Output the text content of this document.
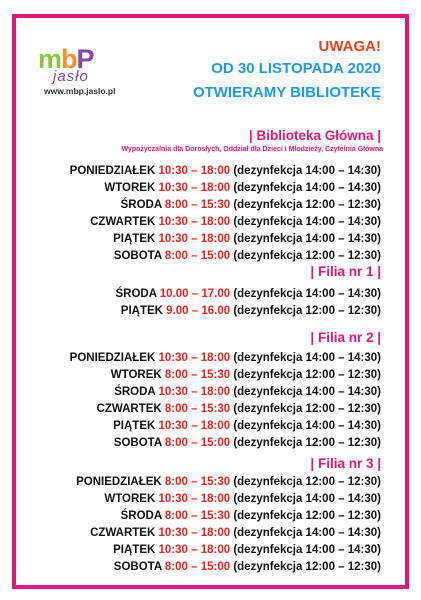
mbP
jasło
www.mbp.jaslo.pl
UWAGA!
OD 30 LISTOPADA 2020
OTWIERAMY BIBLIOTEKĘ
| Biblioteka Główna |
Wypożyczalnia dla Dorosłych, Oddział dla Dzieci i Młodzieży, Czytelnia Główna
PONIEDZIAŁEK 10:30 – 18:00 (dezynfekcja 14:00 – 14:30)
WTOREK 10:30 – 18:00 (dezynfekcja 14:00 – 14:30)
ŚRODA 8:00 – 15:30 (dezynfekcja 12:00 – 12:30)
CZWARTEK 10:30 – 18:00 (dezynfekcja 14:00 – 14:30)
PIĄTEK 10:30 – 18:00 (dezynfekcja 14:00 – 14:30)
SOBOTA 8:00 – 15:00 (dezynfekcja 12:00 – 12:30)
| Filia nr 1 |
ŚRODA 10.00 – 17.00 (dezynfekcja 14:00 – 14:30)
PIĄTEK 9.00 – 16.00 (dezynfekcja 12:00 – 12:30)
| Filia nr 2 |
PONIEDZIAŁEK 10:30 – 18:00 (dezynfekcja 14:00 – 14:30)
WTOREK 8:00 – 15:30 (dezynfekcja 12:00 – 12:30)
ŚRODA 10:30 – 18:00 (dezynfekcja 14:00 – 14:30)
CZWARTEK 8:00 – 15:30 (dezynfekcja 12:00 – 12:30)
PIĄTEK 10:30 – 18:00 (dezynfekcja 14:00 – 14:30)
SOBOTA 8:00 – 15:00 (dezynfekcja 12:00 – 12:30)
| Filia nr 3 |
PONIEDZIAŁEK 8:00 – 15:30 (dezynfekcja 12:00 – 12:30)
WTOREK 10:30 – 18:00 (dezynfekcja 14:00 – 14:30)
ŚRODA 8:00 – 15:30 (dezynfekcja 12:00 – 12:30)
CZWARTEK 10:30 – 18:00 (dezynfekcja 14:00 – 14:30)
PIĄTEK 10:30 – 18:00 (dezynfekcja 14:00 – 14:30)
SOBOTA 8:00 – 15:00 (dezynfekcja 12:00 – 12:30)
